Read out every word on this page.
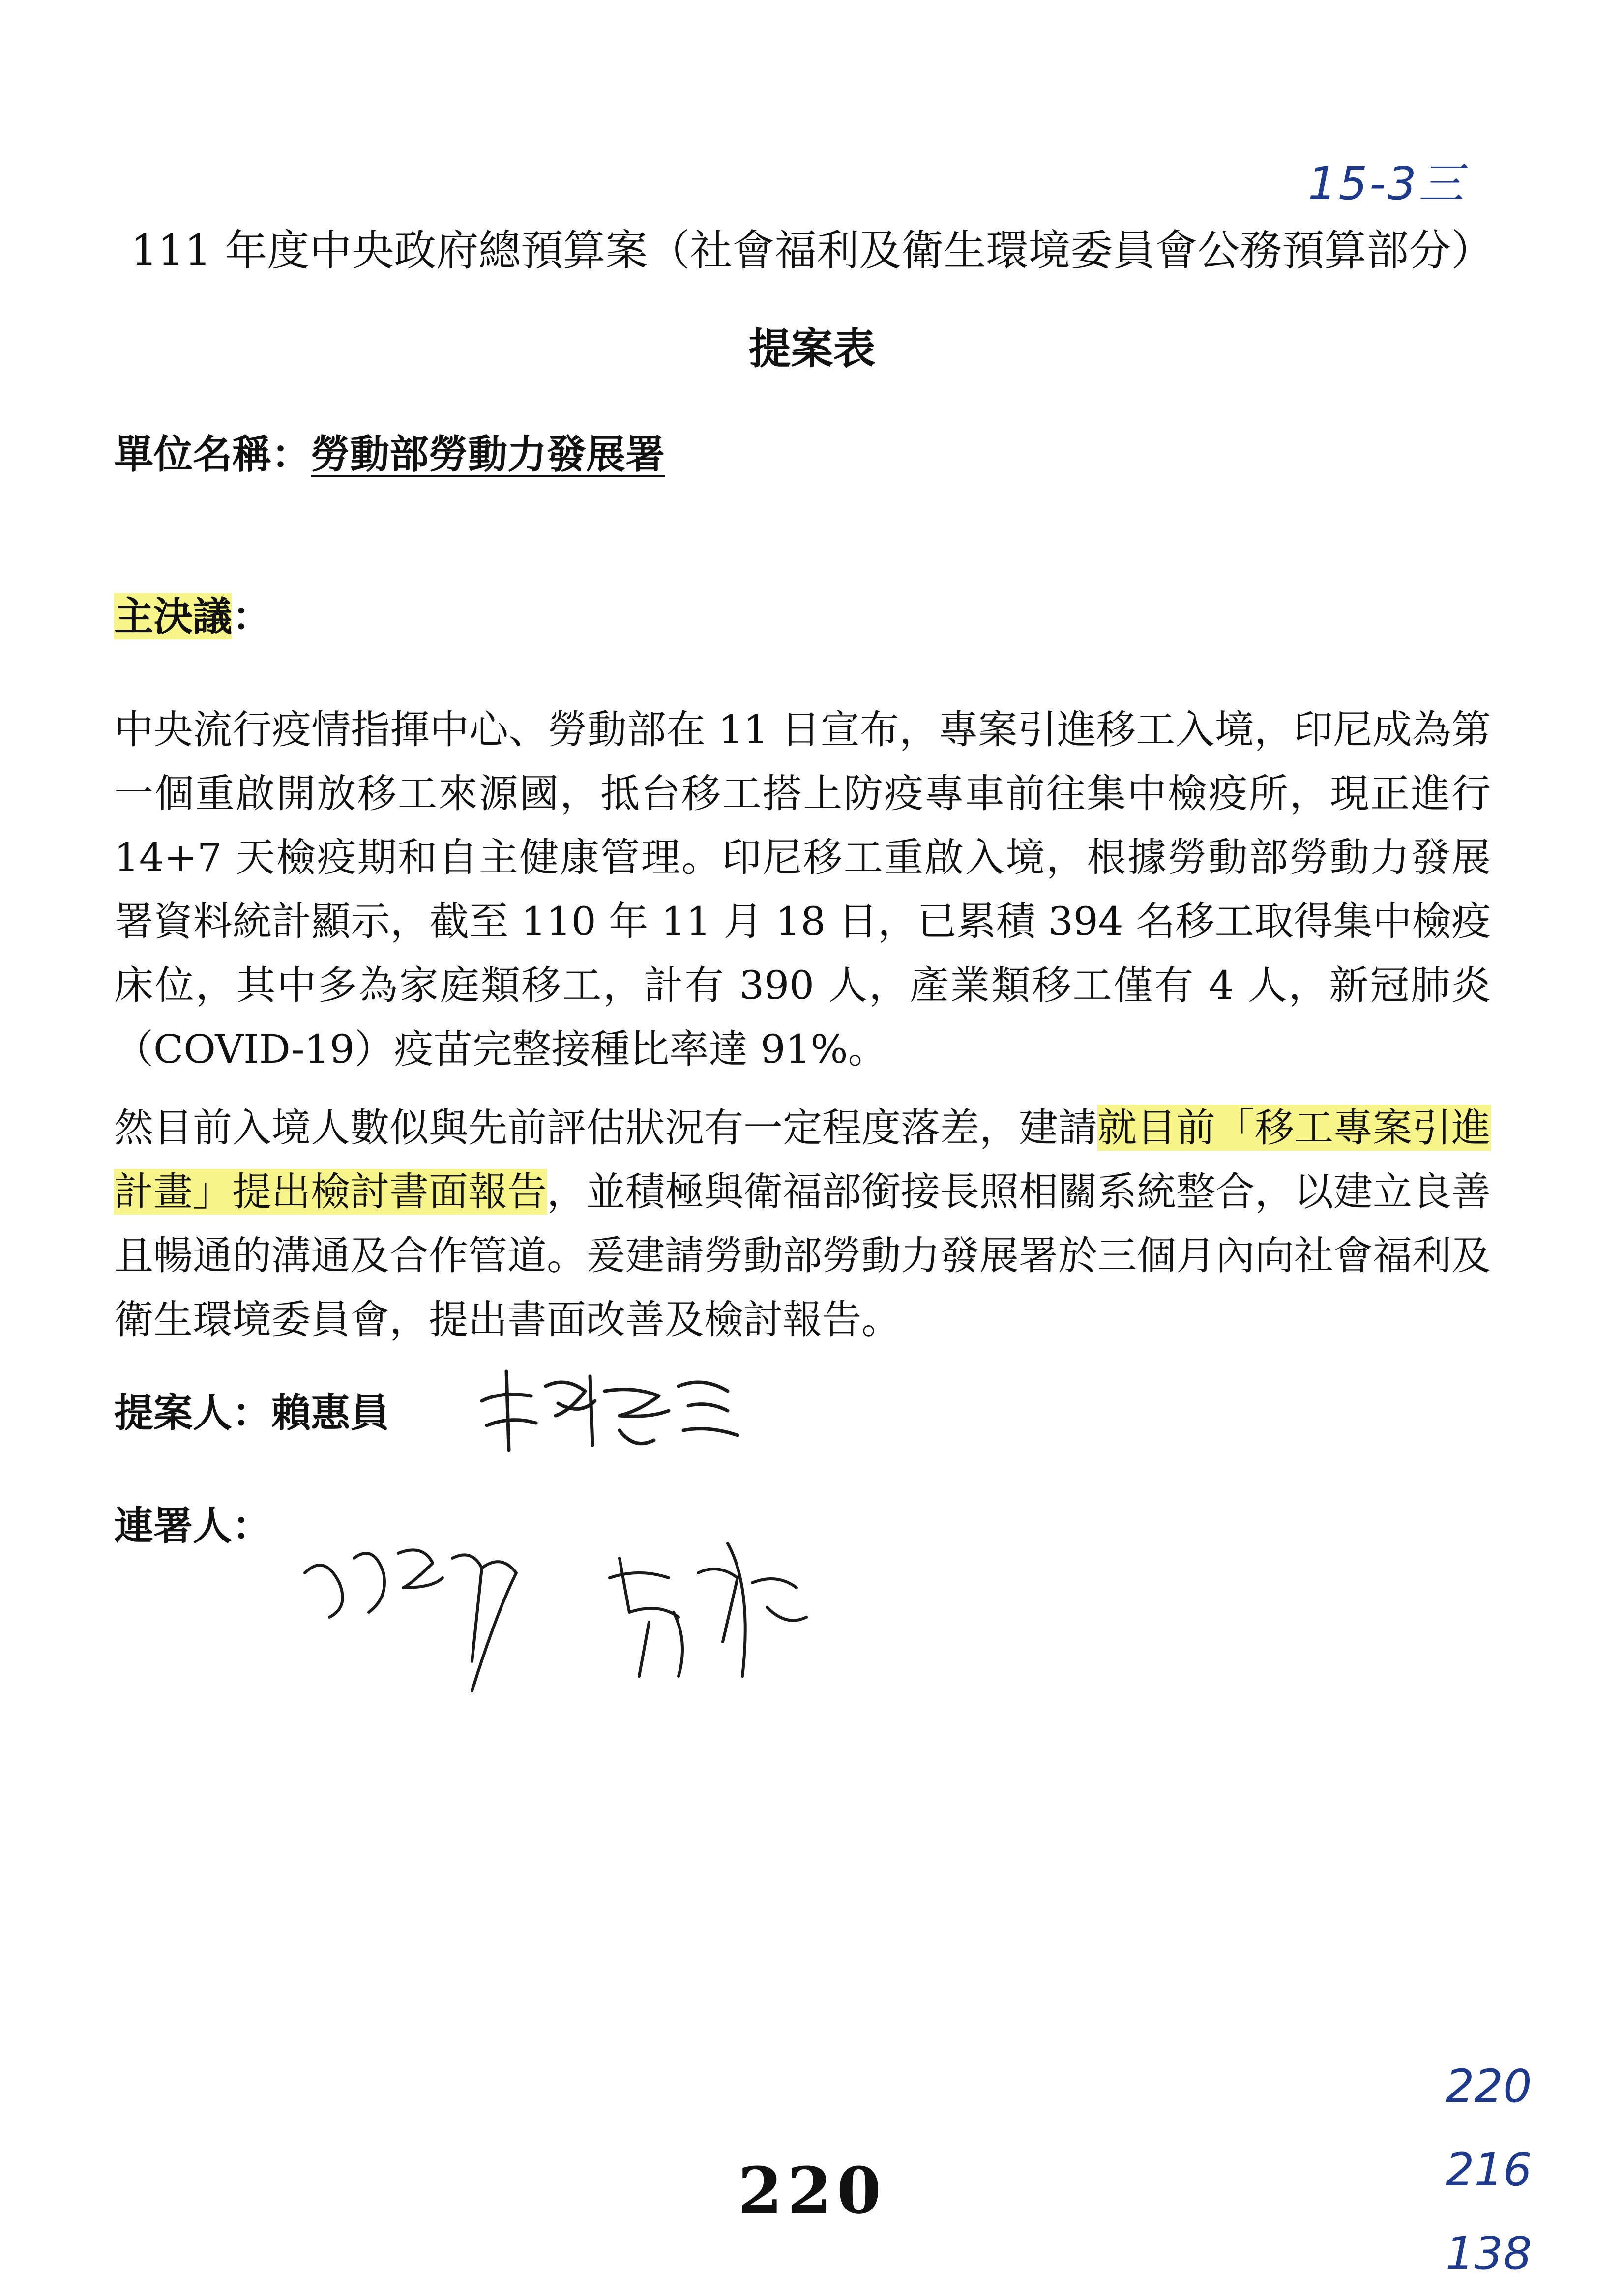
15-3三
111 年度中央政府總預算案（社會福利及衛生環境委員會公務預算部分）
提案表
單位名稱：勞動部勞動力發展署
主決議：
中央流行疫情指揮中心、勞動部在 11 日宣布，專案引進移工入境，印尼成為第一個重啟開放移工來源國，抵台移工搭上防疫專車前往集中檢疫所，現正進行 14+7 天檢疫期和自主健康管理。印尼移工重啟入境，根據勞動部勞動力發展署資料統計顯示，截至 110 年 11 月 18 日，已累積 394 名移工取得集中檢疫床位，其中多為家庭類移工，計有 390 人，產業類移工僅有 4 人，新冠肺炎（COVID-19）疫苗完整接種比率達 91%。
然目前入境人數似與先前評估狀況有一定程度落差，建請就目前「移工專案引進計畫」提出檢討書面報告，並積極與衛福部銜接長照相關系統整合，以建立良善且暢通的溝通及合作管道。爰建請勞動部勞動力發展署於三個月內向社會福利及衛生環境委員會，提出書面改善及檢討報告。
提案人：賴惠員
連署人：
220
220
216
138
